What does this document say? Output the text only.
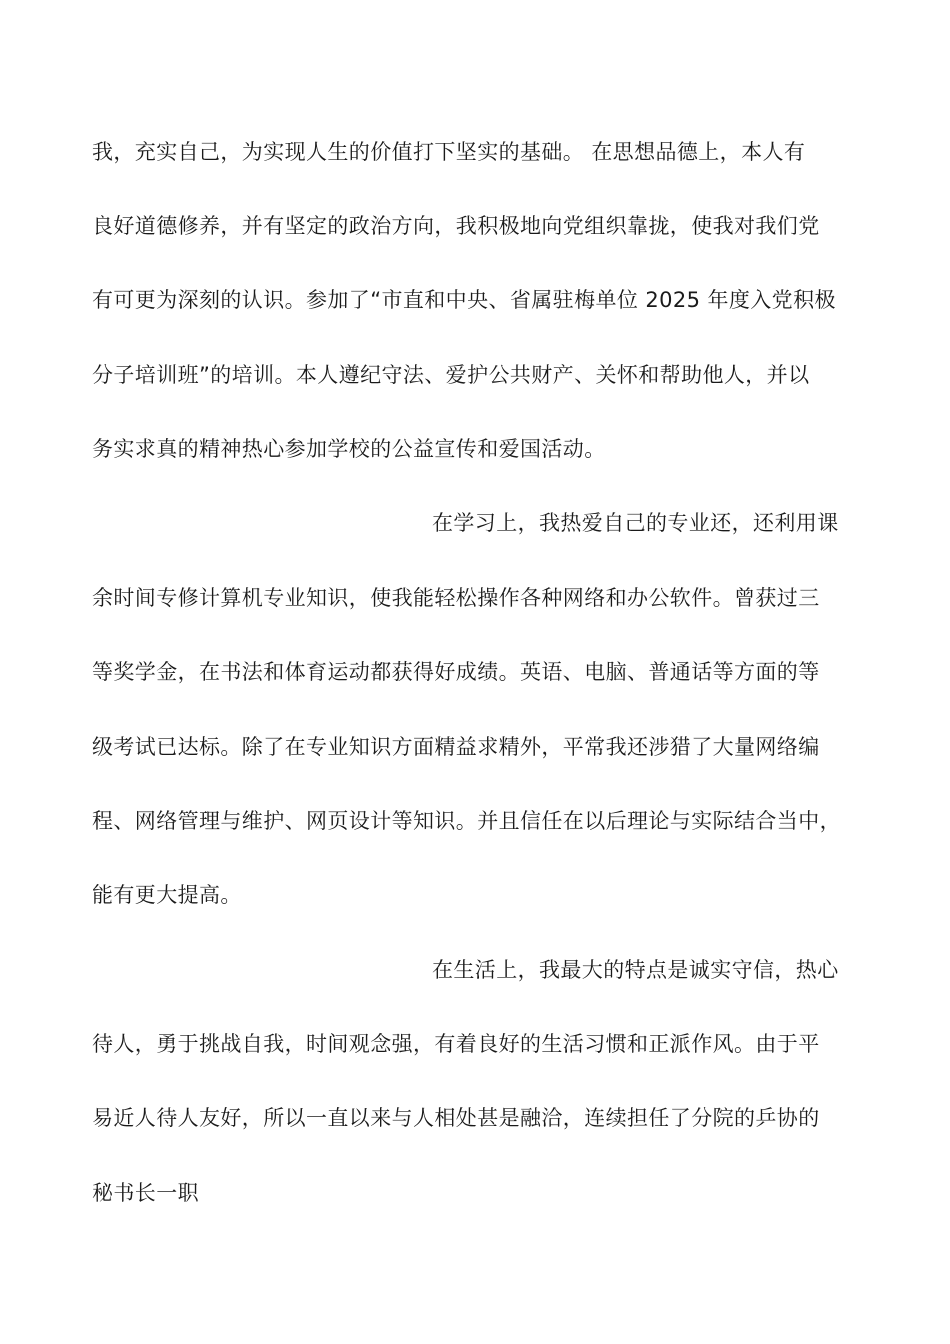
我，充实自己，为实现人生的价值打下坚实的基础。 在思想品德上，本人有
良好道德修养，并有坚定的政治方向，我积极地向党组织靠拢，使我对我们党
有可更为深刻的认识。参加了“市直和中央、省属驻梅单位 2025 年度入党积极
分子培训班”的培训。本人遵纪守法、爱护公共财产、关怀和帮助他人，并以
务实求真的精神热心参加学校的公益宣传和爱国活动。
在学习上，我热爱自己的专业还，还利用课
余时间专修计算机专业知识，使我能轻松操作各种网络和办公软件。曾获过三
等奖学金，在书法和体育运动都获得好成绩。英语、电脑、普通话等方面的等
级考试已达标。除了在专业知识方面精益求精外，平常我还涉猎了大量网络编
程、网络管理与维护、网页设计等知识。并且信任在以后理论与实际结合当中，
能有更大提高。
在生活上，我最大的特点是诚实守信，热心
待人，勇于挑战自我，时间观念强，有着良好的生活习惯和正派作风。由于平
易近人待人友好，所以一直以来与人相处甚是融洽，连续担任了分院的乒协的
秘书长一职
